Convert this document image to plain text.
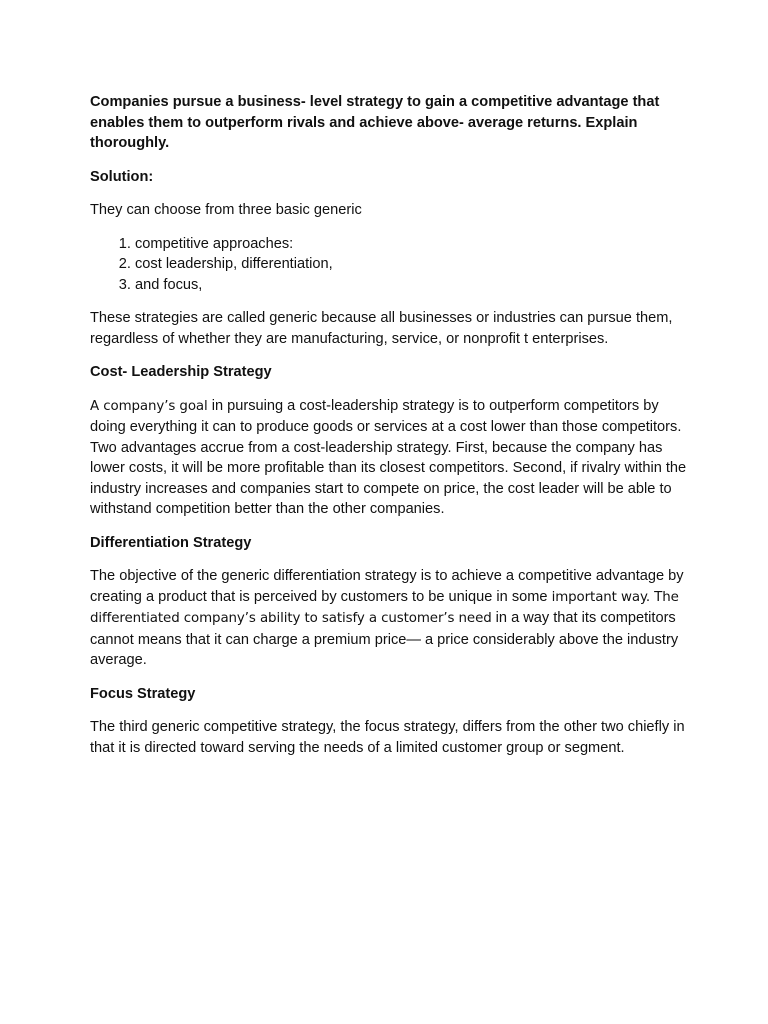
Companies pursue a business- level strategy to gain a competitive advantage that enables them to outperform rivals and achieve above- average returns. Explain thoroughly.

Solution:

They can choose from three basic generic

1. competitive approaches:
2. cost leadership, differentiation,
3. and focus,

These strategies are called generic because all businesses or industries can pursue them, regardless of whether they are manufacturing, service, or nonprofit t enterprises.

Cost- Leadership Strategy

A company’s goal in pursuing a cost-leadership strategy is to outperform competitors by doing everything it can to produce goods or services at a cost lower than those competitors. Two advantages accrue from a cost-leadership strategy. First, because the company has lower costs, it will be more profitable than its closest competitors. Second, if rivalry within the industry increases and companies start to compete on price, the cost leader will be able to withstand competition better than the other companies.

Differentiation Strategy

The objective of the generic differentiation strategy is to achieve a competitive advantage by creating a product that is perceived by customers to be unique in some important way. The differentiated company’s ability to satisfy a customer’s need in a way that its competitors cannot means that it can charge a premium price— a price considerably above the industry average.

Focus Strategy

The third generic competitive strategy, the focus strategy, differs from the other two chiefly in that it is directed toward serving the needs of a limited customer group or segment.
